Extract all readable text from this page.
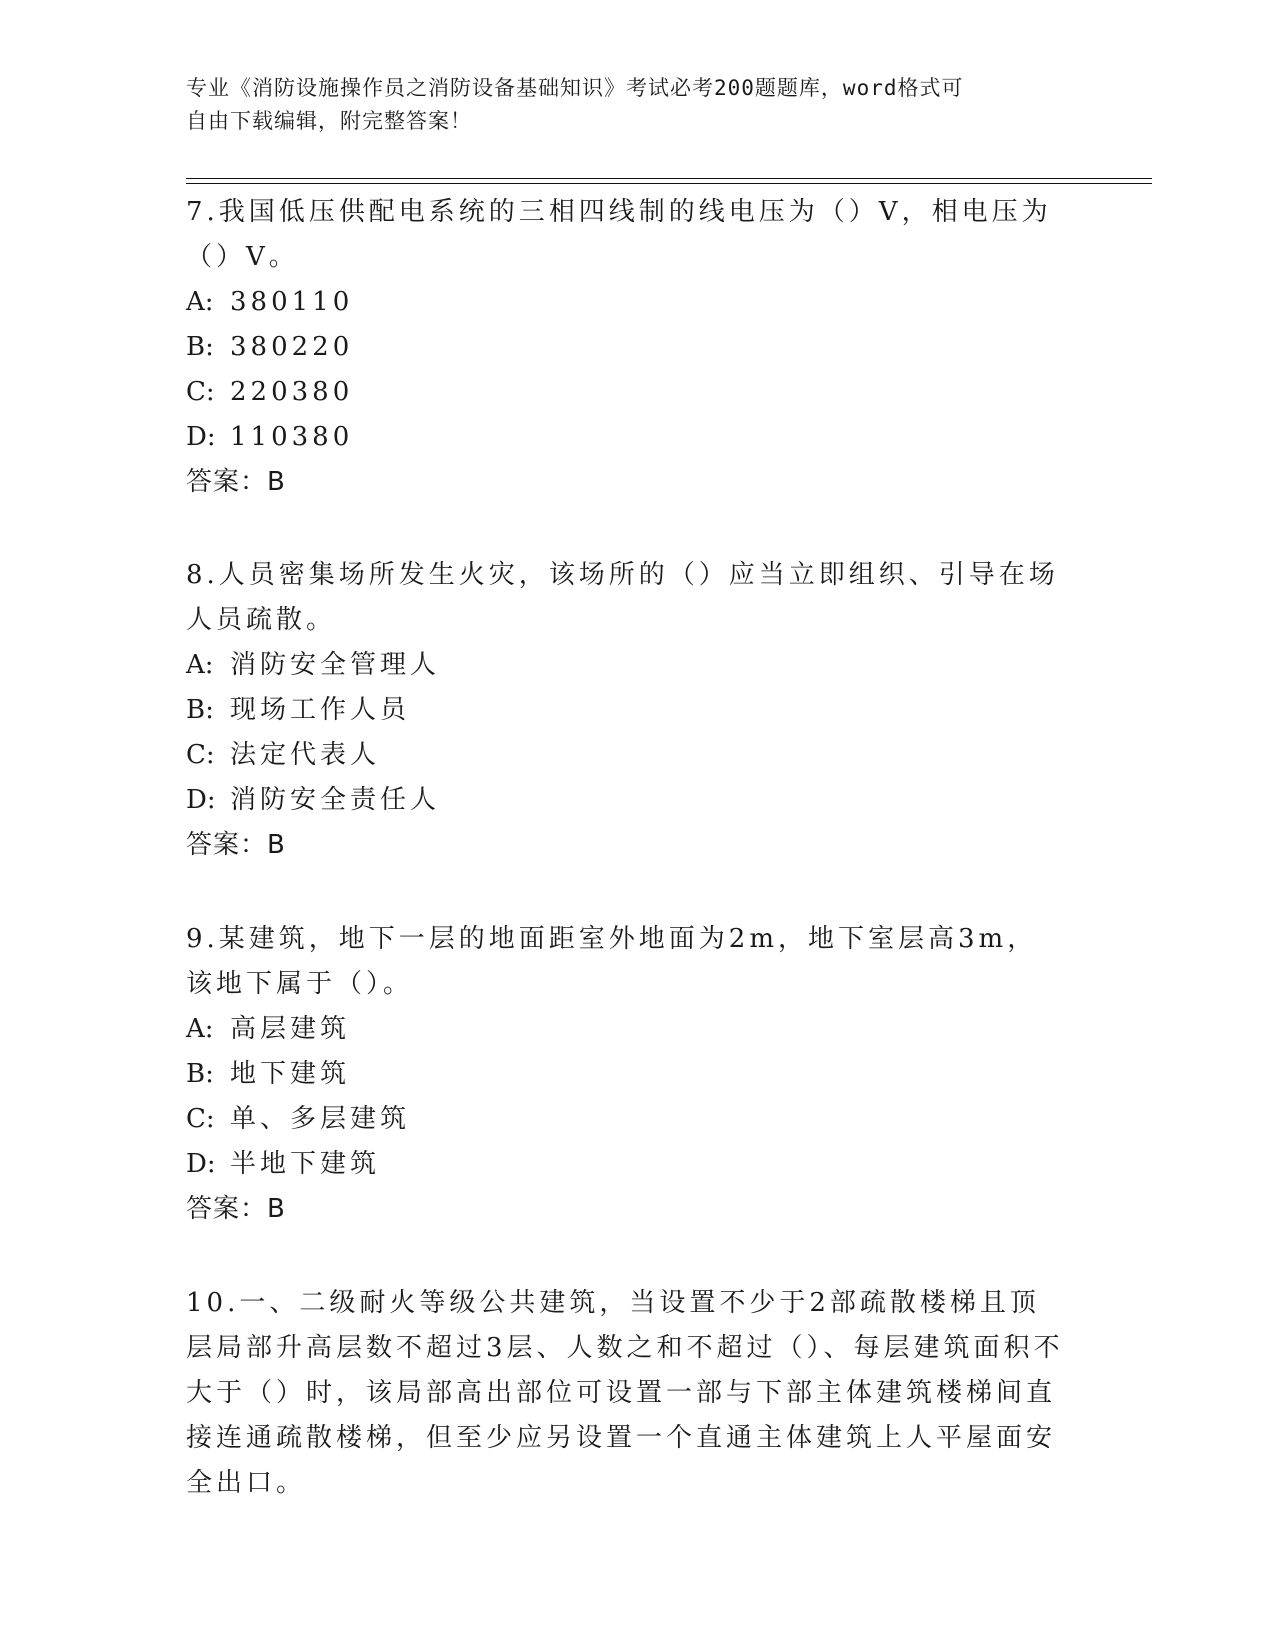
专业《消防设施操作员之消防设备基础知识》考试必考200题题库，word格式可
自由下载编辑，附完整答案！

7.我国低压供配电系统的三相四线制的线电压为（）V，相电压为（）V。

A: 380110

B: 380220

C: 220380

D: 110380

答案：B

8.人员密集场所发生火灾，该场所的（）应当立即组织、引导在场人员疏散。

A: 消防安全管理人

B: 现场工作人员

C: 法定代表人

D: 消防安全责任人

答案：B

9.某建筑，地下一层的地面距室外地面为2m，地下室层高3m，该地下属于（）。

A: 高层建筑

B: 地下建筑

C: 单、多层建筑

D: 半地下建筑

答案：B

10.一、二级耐火等级公共建筑，当设置不少于2部疏散楼梯且顶层局部升高层数不超过3层、人数之和不超过（）、每层建筑面积不大于（）时，该局部高出部位可设置一部与下部主体建筑楼梯间直接连通疏散楼梯，但至少应另设置一个直通主体建筑上人平屋面安全出口。
